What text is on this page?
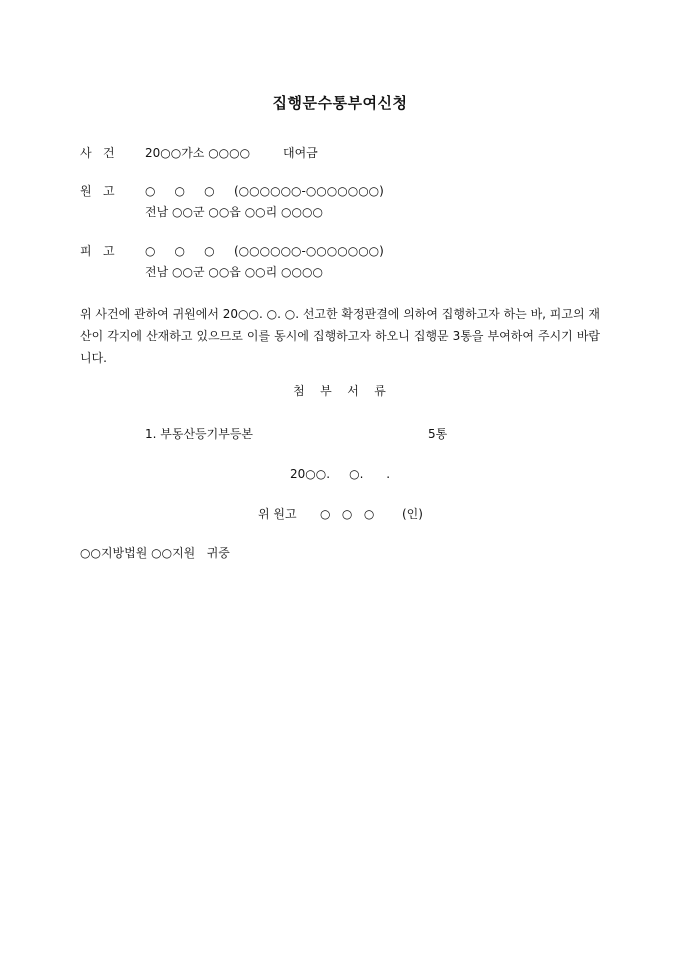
집행문수통부여신청
사   건	20○○가소 ○○○○	대여금
원   고	○     ○     ○ (○○○○○○-○○○○○○○)
전남 ○○군 ○○읍 ○○리 ○○○○
피   고	○     ○     ○ (○○○○○○-○○○○○○○)
전남 ○○군 ○○읍 ○○리 ○○○○
위 사건에 관하여 귀원에서 20○○. ○. ○. 선고한 확정판결에 의하여 집행하고자 하는 바, 피고의 재산이 각지에 산재하고 있으므로 이를 동시에 집행하고자 하오니 집행문 3통을 부여하여 주시기 바랍니다.
첨   부   서   류
1. 부동산등기부등본	5통
20○○.     ○.      .
위 원고 ○   ○   ○ (인)
○○지방법원 ○○지원   귀중
